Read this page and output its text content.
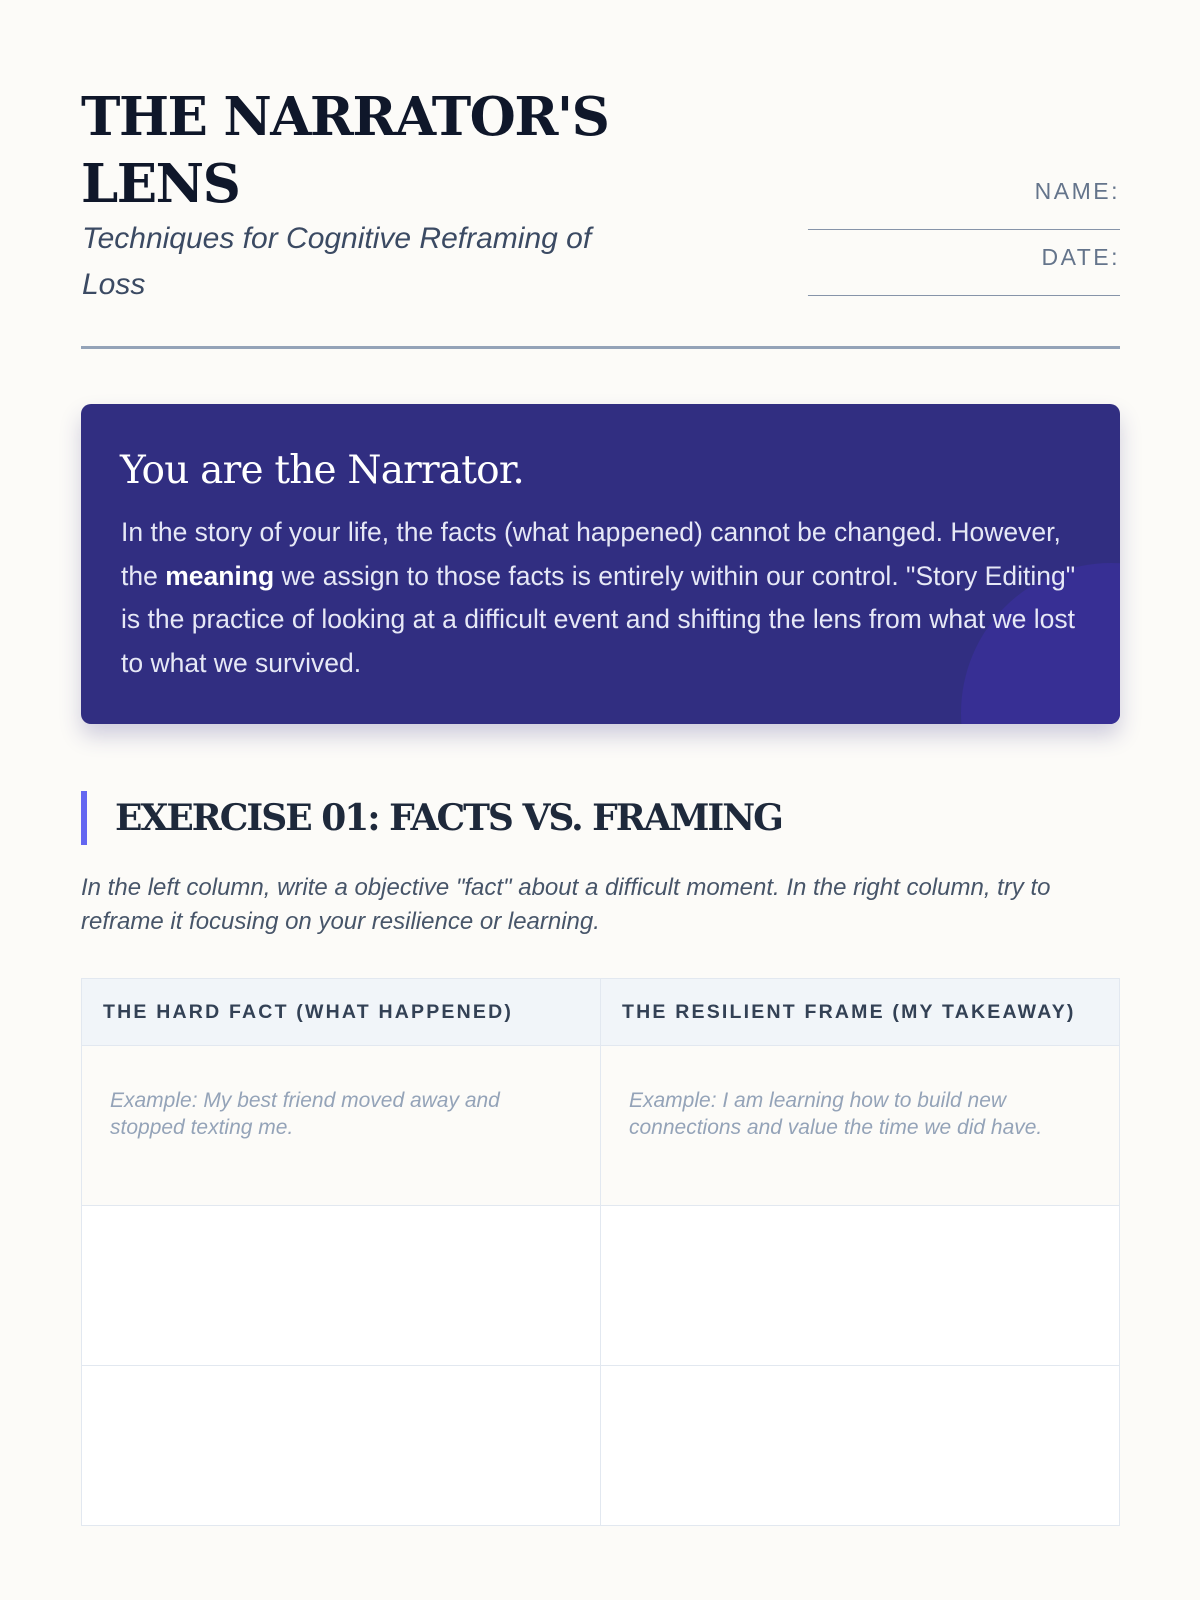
THE NARRATOR'S LENS

Techniques for Cognitive Reframing of Loss

NAME:
__________________________
DATE:
__________________________
You are the Narrator.

In the story of your life, the facts (what happened) cannot be changed. However, the meaning we assign to those facts is entirely within our control. "Story Editing" is the practice of looking at a difficult event and shifting the lens from what we lost to what we survived.

EXERCISE 01: FACTS VS. FRAMING

In the left column, write a objective "fact" about a difficult moment. In the right column, try to reframe it focusing on your resilience or learning.

THE HARD FACT (WHAT HAPPENED)	THE RESILIENT FRAME (MY TAKEAWAY)

Example: My best friend moved away and stopped texting me.	Example: I am learning how to build new connections and value the time we did have.
